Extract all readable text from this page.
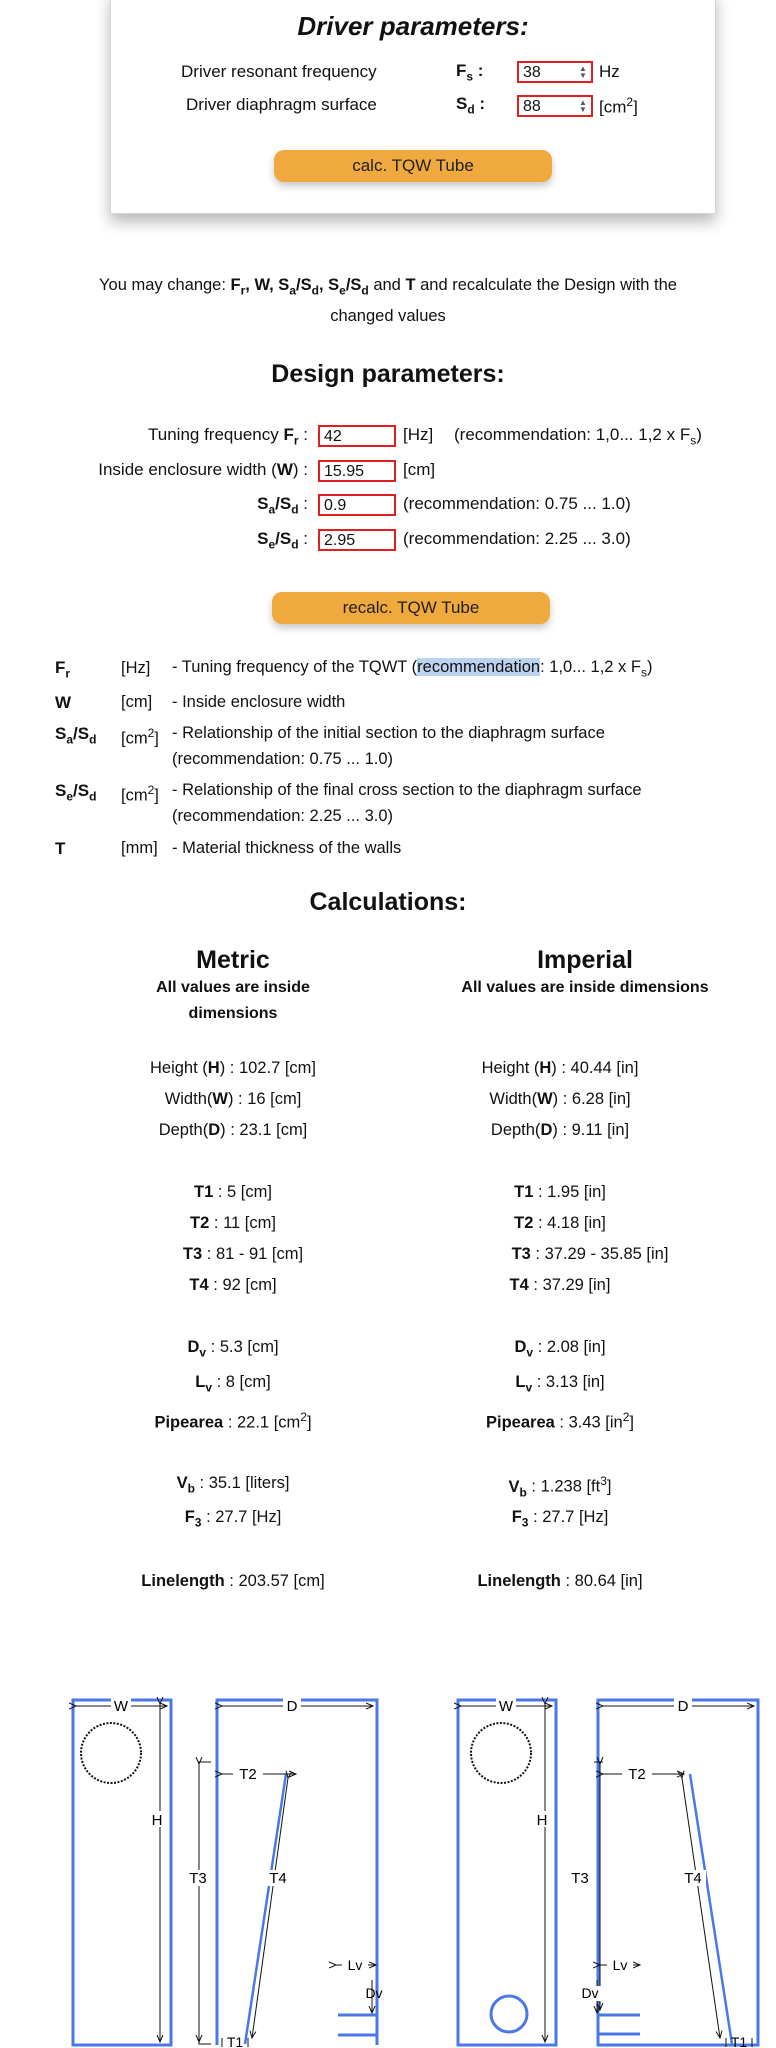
Driver parameters:
Driver resonant frequency	$F_s$ :	38	▲
▼ Hz
Driver diaphragm surface	$S_d$ :	88	▲
▼ $[cm^2]$
calc. TQW Tube
You may change: $F_r$, W, $S_a/S_d$, $S_e/S_d$ and T and recalculate the Design with the
changed values
Design parameters:
Tuning frequency $F_r$ :	42	[Hz] (recommendation: 1,0... 1,2 x $F_s$)
Inside enclosure width (W) :	15.95	[cm]
$S_a/S_d$ :	0.9	(recommendation: 0.75 ... 1.0)
$S_e/S_d$ :	2.95	(recommendation: 2.25 ... 3.0)
recalc. TQW Tube
$F_r$	[Hz] - Tuning frequency of the TQWT (recommendation: 1,0... 1,2 x $F_s$)
W	[cm] - Inside enclosure width
$S_a/S_d$ $[cm^2]$ - Relationship of the initial section to the diaphragm surface
(recommendation: 0.75 ... 1.0)
$S_e/S_d$ $[cm^2]$ - Relationship of the final cross section to the diaphragm surface
(recommendation: 2.25 ... 3.0)
T	[mm] - Material thickness of the walls
Calculations:
Metric
All values are inside
dimensions
Imperial
All values are inside dimensions
Height (H) : 102.7 [cm]
Width(W) : 16 [cm]
Depth(D) : 23.1 [cm]
T1 : 5 [cm]
T2 : 11 [cm]
T3 : 81 - 91 [cm]
T4 : 92 [cm]
$D_v$ : 5.3 [cm]
$L_v$ : 8 [cm]
Pipearea : 22.1 $[cm^2]$
$V_b$ : 35.1 [liters]
$F_3$ : 27.7 [Hz]
Linelength : 203.57 [cm]
Height (H) : 40.44 [in]
Width(W) : 6.28 [in]
Depth(D) : 9.11 [in]
T1 : 1.95 [in]
T2 : 4.18 [in]
T3 : 37.29 - 35.85 [in]
T4 : 37.29 [in]
$D_v$ : 2.08 [in]
$L_v$ : 3.13 [in]
Pipearea : 3.43 $[in^2]$
$V_b$ : 1.238 $[ft^3]$
$F_3$ : 27.7 [Hz]
Linelength : 80.64 [in]
W
H
D
T3
T2
T4
T1
Lv
Dv
W
H
D
T3
T2
T4
T1
Lv
Dv
